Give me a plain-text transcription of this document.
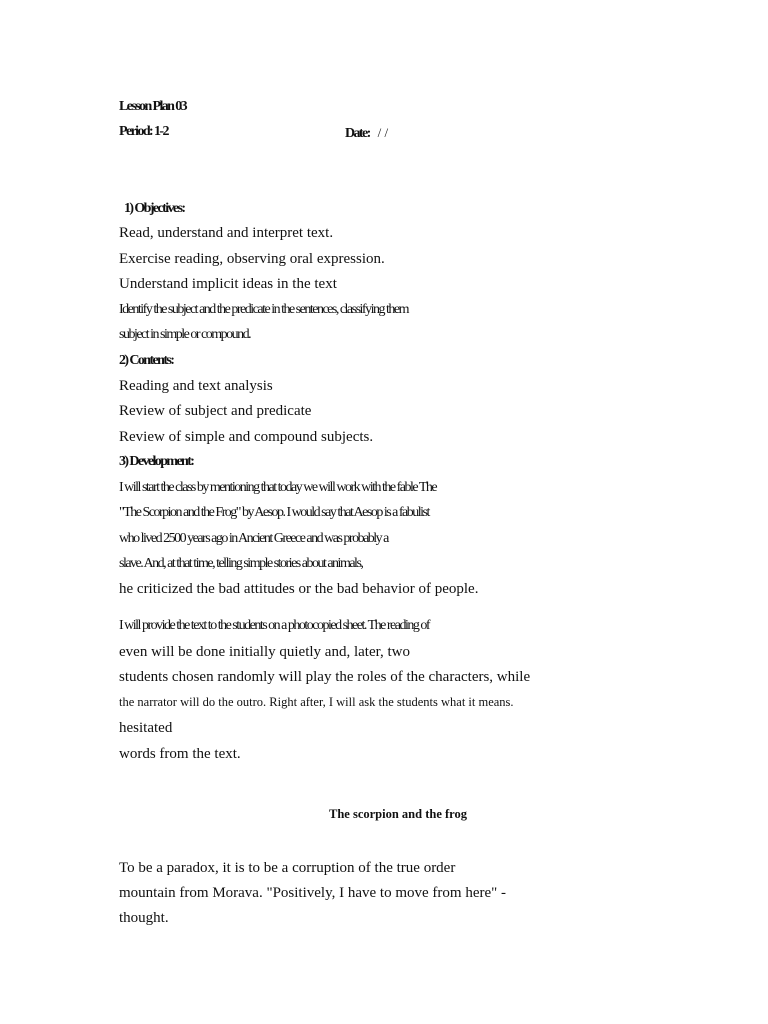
Lesson Plan 03
Period: 1-2	Date: / /
1) Objectives:
Read, understand and interpret text.
Exercise reading, observing oral expression.
Understand implicit ideas in the text
Identify the subject and the predicate in the sentences, classifying them
subject in simple or compound.
2) Contents:
Reading and text analysis
Review of subject and predicate
Review of simple and compound subjects.
3) Development:
I will start the class by mentioning that today we will work with the fable The
"The Scorpion and the Frog" by Aesop. I would say that Aesop is a fabulist
who lived 2500 years ago in Ancient Greece and was probably a
slave. And, at that time, telling simple stories about animals,
he criticized the bad attitudes or the bad behavior of people.
I will provide the text to the students on a photocopied sheet. The reading of
even will be done initially quietly and, later, two
students chosen randomly will play the roles of the characters, while
the narrator will do the outro. Right after, I will ask the students what it means.
hesitated
words from the text.
The scorpion and the frog
To be a paradox, it is to be a corruption of the true order
mountain from Morava. "Positively, I have to move from here" -
thought.
